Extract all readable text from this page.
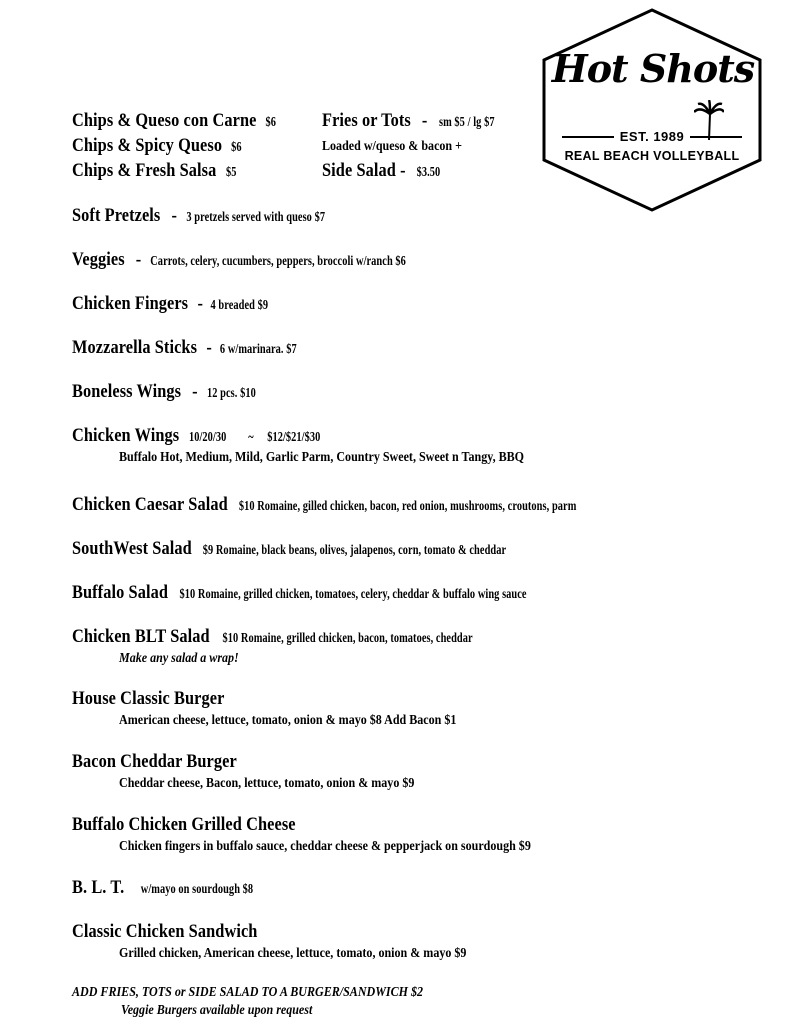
Hot Shots
EST. 1989
REAL BEACH VOLLEYBALL
Chips & Queso con Carne $6
Chips & Spicy Queso $6
Chips & Fresh Salsa $5
Fries or Tots - sm $5 / lg $7
Loaded w/queso & bacon +
Side Salad - $3.50
Soft Pretzels - 3 pretzels served with queso $7
Veggies - Carrots, celery, cucumbers, peppers, broccoli w/ranch $6
Chicken Fingers - 4 breaded $9
Mozzarella Sticks - 6 w/marinara. $7
Boneless Wings - 12 pcs. $10
Chicken Wings 10/20/30 ~ $12/$21/$30
Buffalo Hot, Medium, Mild, Garlic Parm, Country Sweet, Sweet n Tangy, BBQ
Chicken Caesar Salad $10 Romaine, gilled chicken, bacon, red onion, mushrooms, croutons, parm
SouthWest Salad $9 Romaine, black beans, olives, jalapenos, corn, tomato & cheddar
Buffalo Salad $10 Romaine, grilled chicken, tomatoes, celery, cheddar & buffalo wing sauce
Chicken BLT Salad $10 Romaine, grilled chicken, bacon, tomatoes, cheddar
Make any salad a wrap!
House Classic Burger
American cheese, lettuce, tomato, onion & mayo $8 Add Bacon $1
Bacon Cheddar Burger
Cheddar cheese, Bacon, lettuce, tomato, onion & mayo $9
Buffalo Chicken Grilled Cheese
Chicken fingers in buffalo sauce, cheddar cheese & pepperjack on sourdough $9
B. L. T. w/mayo on sourdough $8
Classic Chicken Sandwich
Grilled chicken, American cheese, lettuce, tomato, onion & mayo $9
ADD FRIES, TOTS or SIDE SALAD TO A BURGER/SANDWICH $2
Veggie Burgers available upon request
